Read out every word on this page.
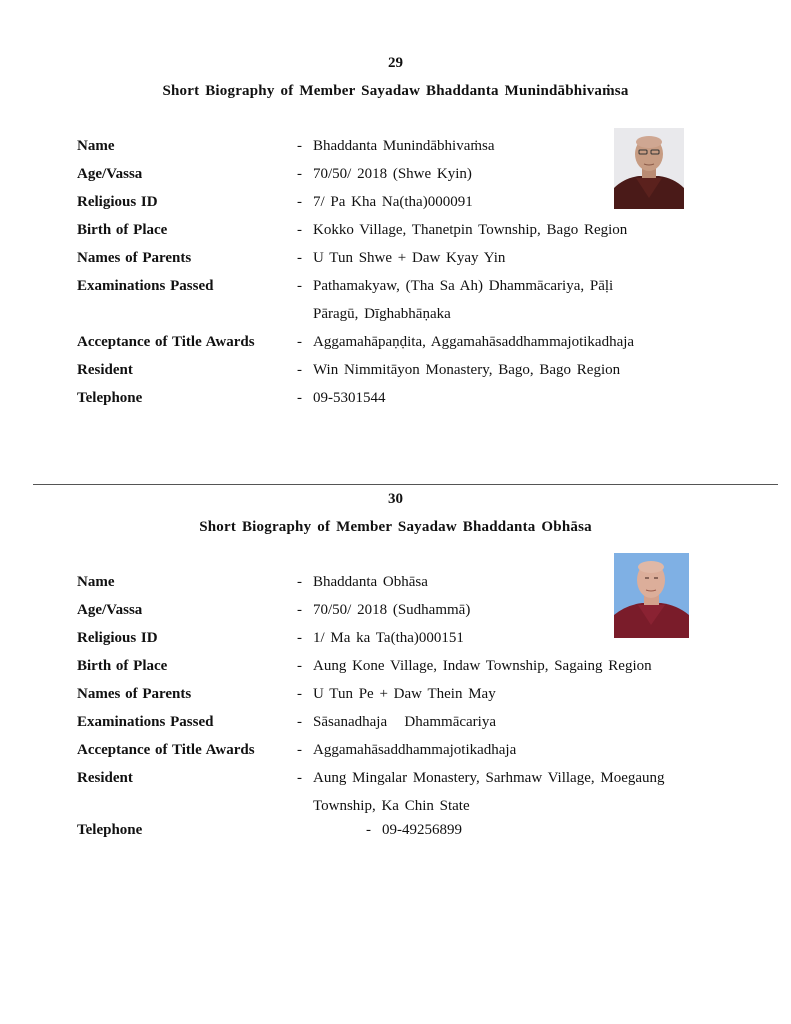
29
Short Biography of Member Sayadaw Bhaddanta Munindābhivaṁsa
Name	- Bhaddanta Munindābhivaṁsa
Age/Vassa	- 70/50/ 2018 (Shwe Kyin)
Religious ID	- 7/ Pa Kha Na(tha)000091
Birth of Place	- Kokko Village, Thanetpin Township, Bago Region
Names of Parents	- U Tun Shwe + Daw Kyay Yin
Examinations Passed	- Pathamakyaw, (Tha Sa Ah) Dhammācariya, Pāḷi
Pāragū, Dīghabhāṇaka
Acceptance of Title Awards	- Aggamahāpaṇḍita, Aggamahāsaddhammajotikadhaja
Resident	- Win Nimmitāyon Monastery, Bago, Bago Region
Telephone	- 09-5301544
30
Short Biography of Member Sayadaw Bhaddanta Obhāsa
Name	- Bhaddanta Obhāsa
Age/Vassa	- 70/50/ 2018 (Sudhammā)
Religious ID	- 1/ Ma ka Ta(tha)000151
Birth of Place	- Aung Kone Village, Indaw Township, Sagaing Region
Names of Parents	- U Tun Pe + Daw Thein May
Examinations Passed	- Sāsanadhaja   Dhammācariya
Acceptance of Title Awards	- Aggamahāsaddhammajotikadhaja
Resident	- Aung Mingalar Monastery, Sarhmaw Village, Moegaung
Township, Ka Chin State
Telephone	- 09-49256899
